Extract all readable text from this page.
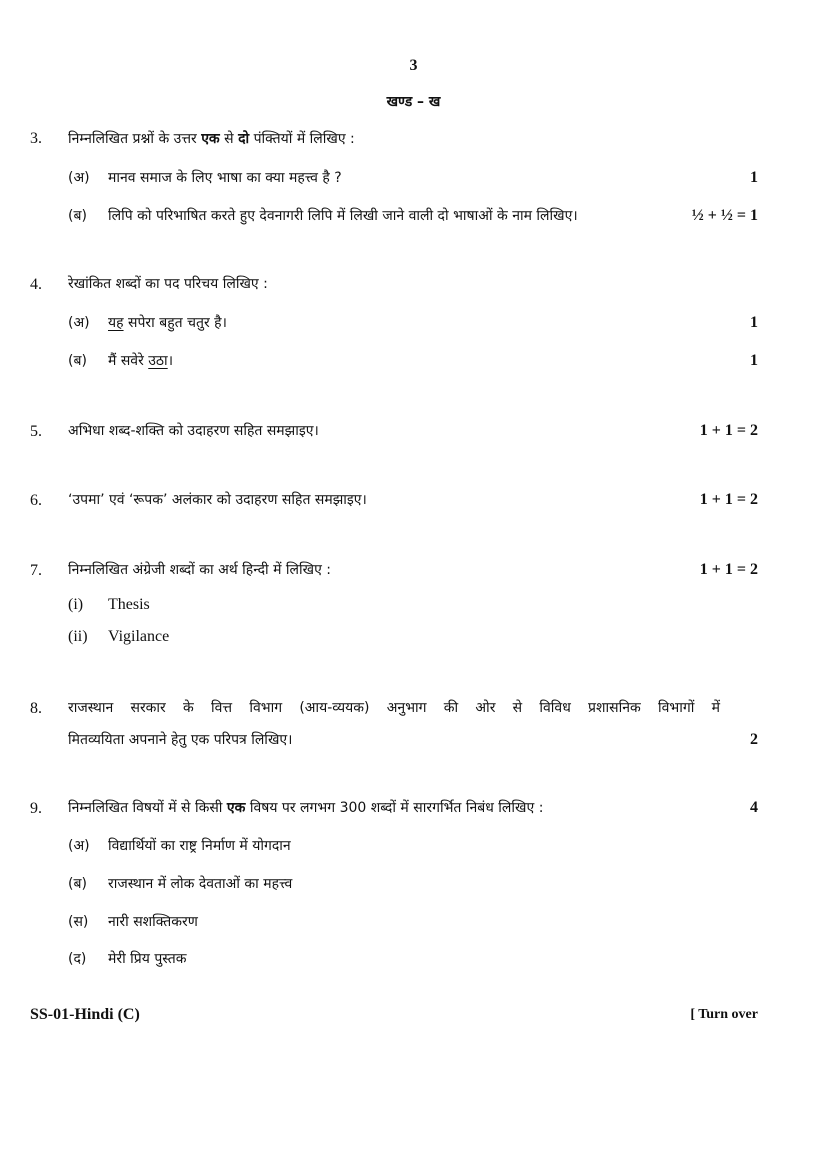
3
खण्ड – ख
3. निम्नलिखित प्रश्नों के उत्तर एक से दो पंक्तियों में लिखिए :
(अ) मानव समाज के लिए भाषा का क्या महत्त्व है ?	1
(ब) लिपि को परिभाषित करते हुए देवनागरी लिपि में लिखी जाने वाली दो भाषाओं के नाम लिखिए।	½ + ½ = 1
4. रेखांकित शब्दों का पद परिचय लिखिए :
(अ) यह सपेरा बहुत चतुर है।	1
(ब) मैं सवेरे उठा।	1
5. अभिधा शब्द-शक्ति को उदाहरण सहित समझाइए।	1 + 1 = 2
6. ‘उपमा’ एवं ‘रूपक’ अलंकार को उदाहरण सहित समझाइए।	1 + 1 = 2
7. निम्नलिखित अंग्रेजी शब्दों का अर्थ हिन्दी में लिखिए :	1 + 1 = 2
(i) Thesis
(ii) Vigilance
8. राजस्थान सरकार के वित्त विभाग (आय-व्ययक) अनुभाग की ओर से विविध प्रशासनिक विभागों में
मितव्ययिता अपनाने हेतु एक परिपत्र लिखिए।	2
9. निम्नलिखित विषयों में से किसी एक विषय पर लगभग 300 शब्दों में सारगर्भित निबंध लिखिए :	4
(अ) विद्यार्थियों का राष्ट्र निर्माण में योगदान
(ब) राजस्थान में लोक देवताओं का महत्त्व
(स) नारी सशक्तिकरण
(द) मेरी प्रिय पुस्तक
SS-01-Hindi (C)	[ Turn over
